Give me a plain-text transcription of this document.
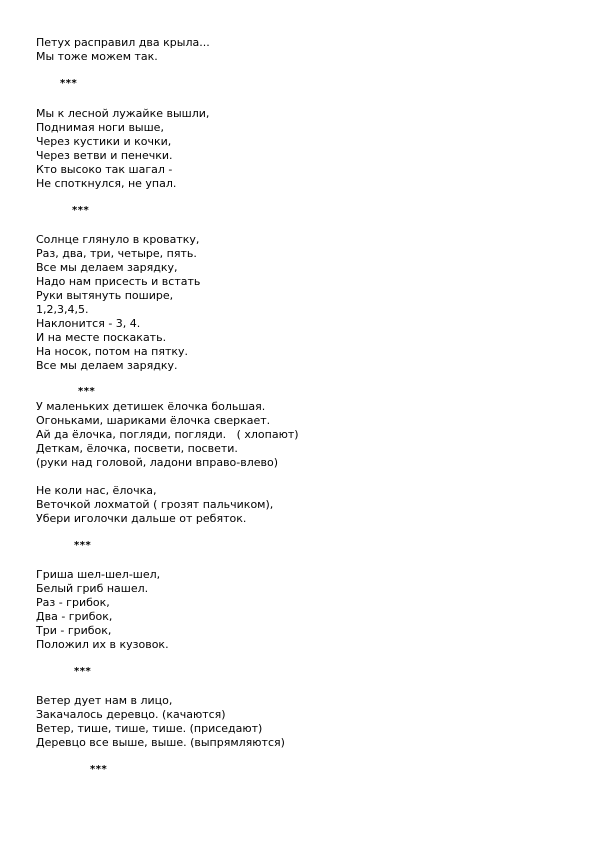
Петух расправил два крыла...
Мы тоже можем так.
***
Мы к лесной лужайке вышли,
Поднимая ноги выше,
Через кустики и кочки,
Через ветви и пенечки.
Кто высоко так шагал -
Не споткнулся, не упал.
***
Солнце глянуло в кроватку,
Раз, два, три, четыре, пять.
Все мы делаем зарядку,
Надо нам присесть и встать
Руки вытянуть пошире,
1,2,3,4,5.
Наклонится - 3, 4.
И на месте поскакать.
На носок, потом на пятку.
Все мы делаем зарядку.
***
У маленьких детишек ёлочка большая.
Огоньками, шариками ёлочка сверкает.
Ай да ёлочка, погляди, погляди.   ( хлопают)
Деткам, ёлочка, посвети, посвети.
(руки над головой, ладони вправо-влево)
Не коли нас, ёлочка,
Веточкой лохматой ( грозят пальчиком),
Убери иголочки дальше от ребяток.
***
Гриша шел-шел-шел,
Белый гриб нашел.
Раз - грибок,
Два - грибок,
Три - грибок,
Положил их в кузовок.
***
Ветер дует нам в лицо,
Закачалось деревцо. (качаются)
Ветер, тише, тише, тише. (приседают)
Деревцо все выше, выше. (выпрямляются)
***
